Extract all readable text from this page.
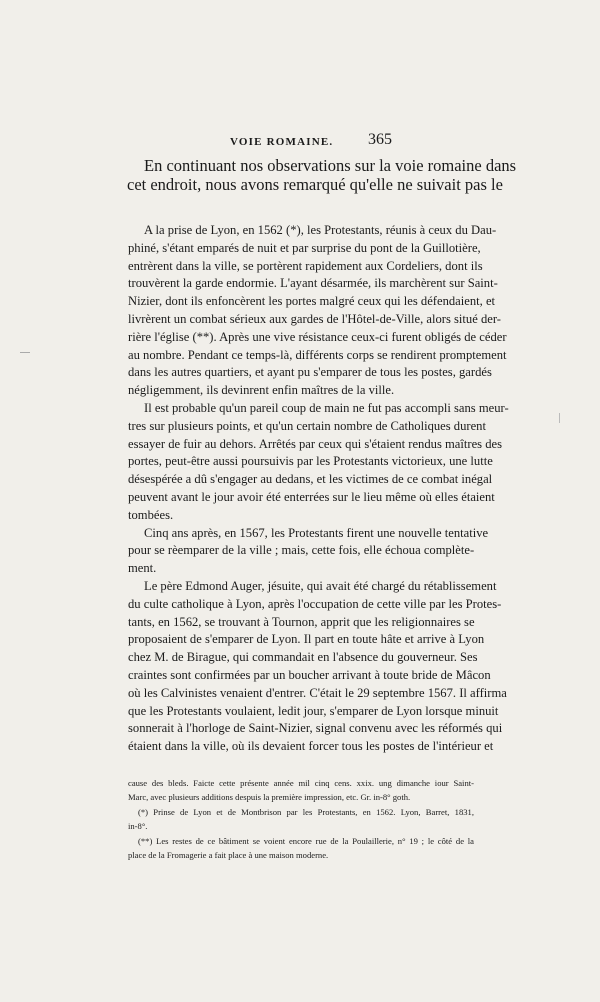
VOIE ROMAINE. 365
En continuant nos observations sur la voie romaine dans
cet endroit, nous avons remarqué qu'elle ne suivait pas le

A la prise de Lyon, en 1562 (*), les Protestants, réunis à ceux du Dau-
phiné, s'étant emparés de nuit et par surprise du pont de la Guillotière,
entrèrent dans la ville, se portèrent rapidement aux Cordeliers, dont ils
trouvèrent la garde endormie. L'ayant désarmée, ils marchèrent sur Saint-
Nizier, dont ils enfoncèrent les portes malgré ceux qui les défendaient, et
livrèrent un combat sérieux aux gardes de l'Hôtel-de-Ville, alors situé der-
rière l'église (**). Après une vive résistance ceux-ci furent obligés de céder
au nombre. Pendant ce temps-là, différents corps se rendirent promptement
dans les autres quartiers, et ayant pu s'emparer de tous les postes, gardés
négligemment, ils devinrent enfin maîtres de la ville.

Il est probable qu'un pareil coup de main ne fut pas accompli sans meur-
tres sur plusieurs points, et qu'un certain nombre de Catholiques durent
essayer de fuir au dehors. Arrêtés par ceux qui s'étaient rendus maîtres des
portes, peut-être aussi poursuivis par les Protestants victorieux, une lutte
désespérée a dû s'engager au dedans, et les victimes de ce combat inégal
peuvent avant le jour avoir été enterrées sur le lieu même où elles étaient
tombées.

Cinq ans après, en 1567, les Protestants firent une nouvelle tentative
pour se rèemparer de la ville ; mais, cette fois, elle échoua complète-
ment.

Le père Edmond Auger, jésuite, qui avait été chargé du rétablissement
du culte catholique à Lyon, après l'occupation de cette ville par les Protes-
tants, en 1562, se trouvant à Tournon, apprit que les religionnaires se
proposaient de s'emparer de Lyon. Il part en toute hâte et arrive à Lyon
chez M. de Birague, qui commandait en l'absence du gouverneur. Ses
craintes sont confirmées par un boucher arrivant à toute bride de Mâcon
où les Calvinistes venaient d'entrer. C'était le 29 septembre 1567. Il affirma
que les Protestants voulaient, ledit jour, s'emparer de Lyon lorsque minuit
sonnerait à l'horloge de Saint-Nizier, signal convenu avec les réformés qui
étaient dans la ville, où ils devaient forcer tous les postes de l'intérieur et

cause des bleds. Faicte cette présente année mil cinq cens. xxix. ung dimanche iour Saint-
Marc, avec plusieurs additions despuis la première impression, etc. Gr. in-8° goth.
(*) Prinse de Lyon et de Montbrison par les Protestants, en 1562. Lyon, Barret, 1831,
in-8°.
(**) Les restes de ce bâtiment se voient encore rue de la Poulaillerie, n° 19 ; le côté de la
place de la Fromagerie a fait place à une maison moderne.
